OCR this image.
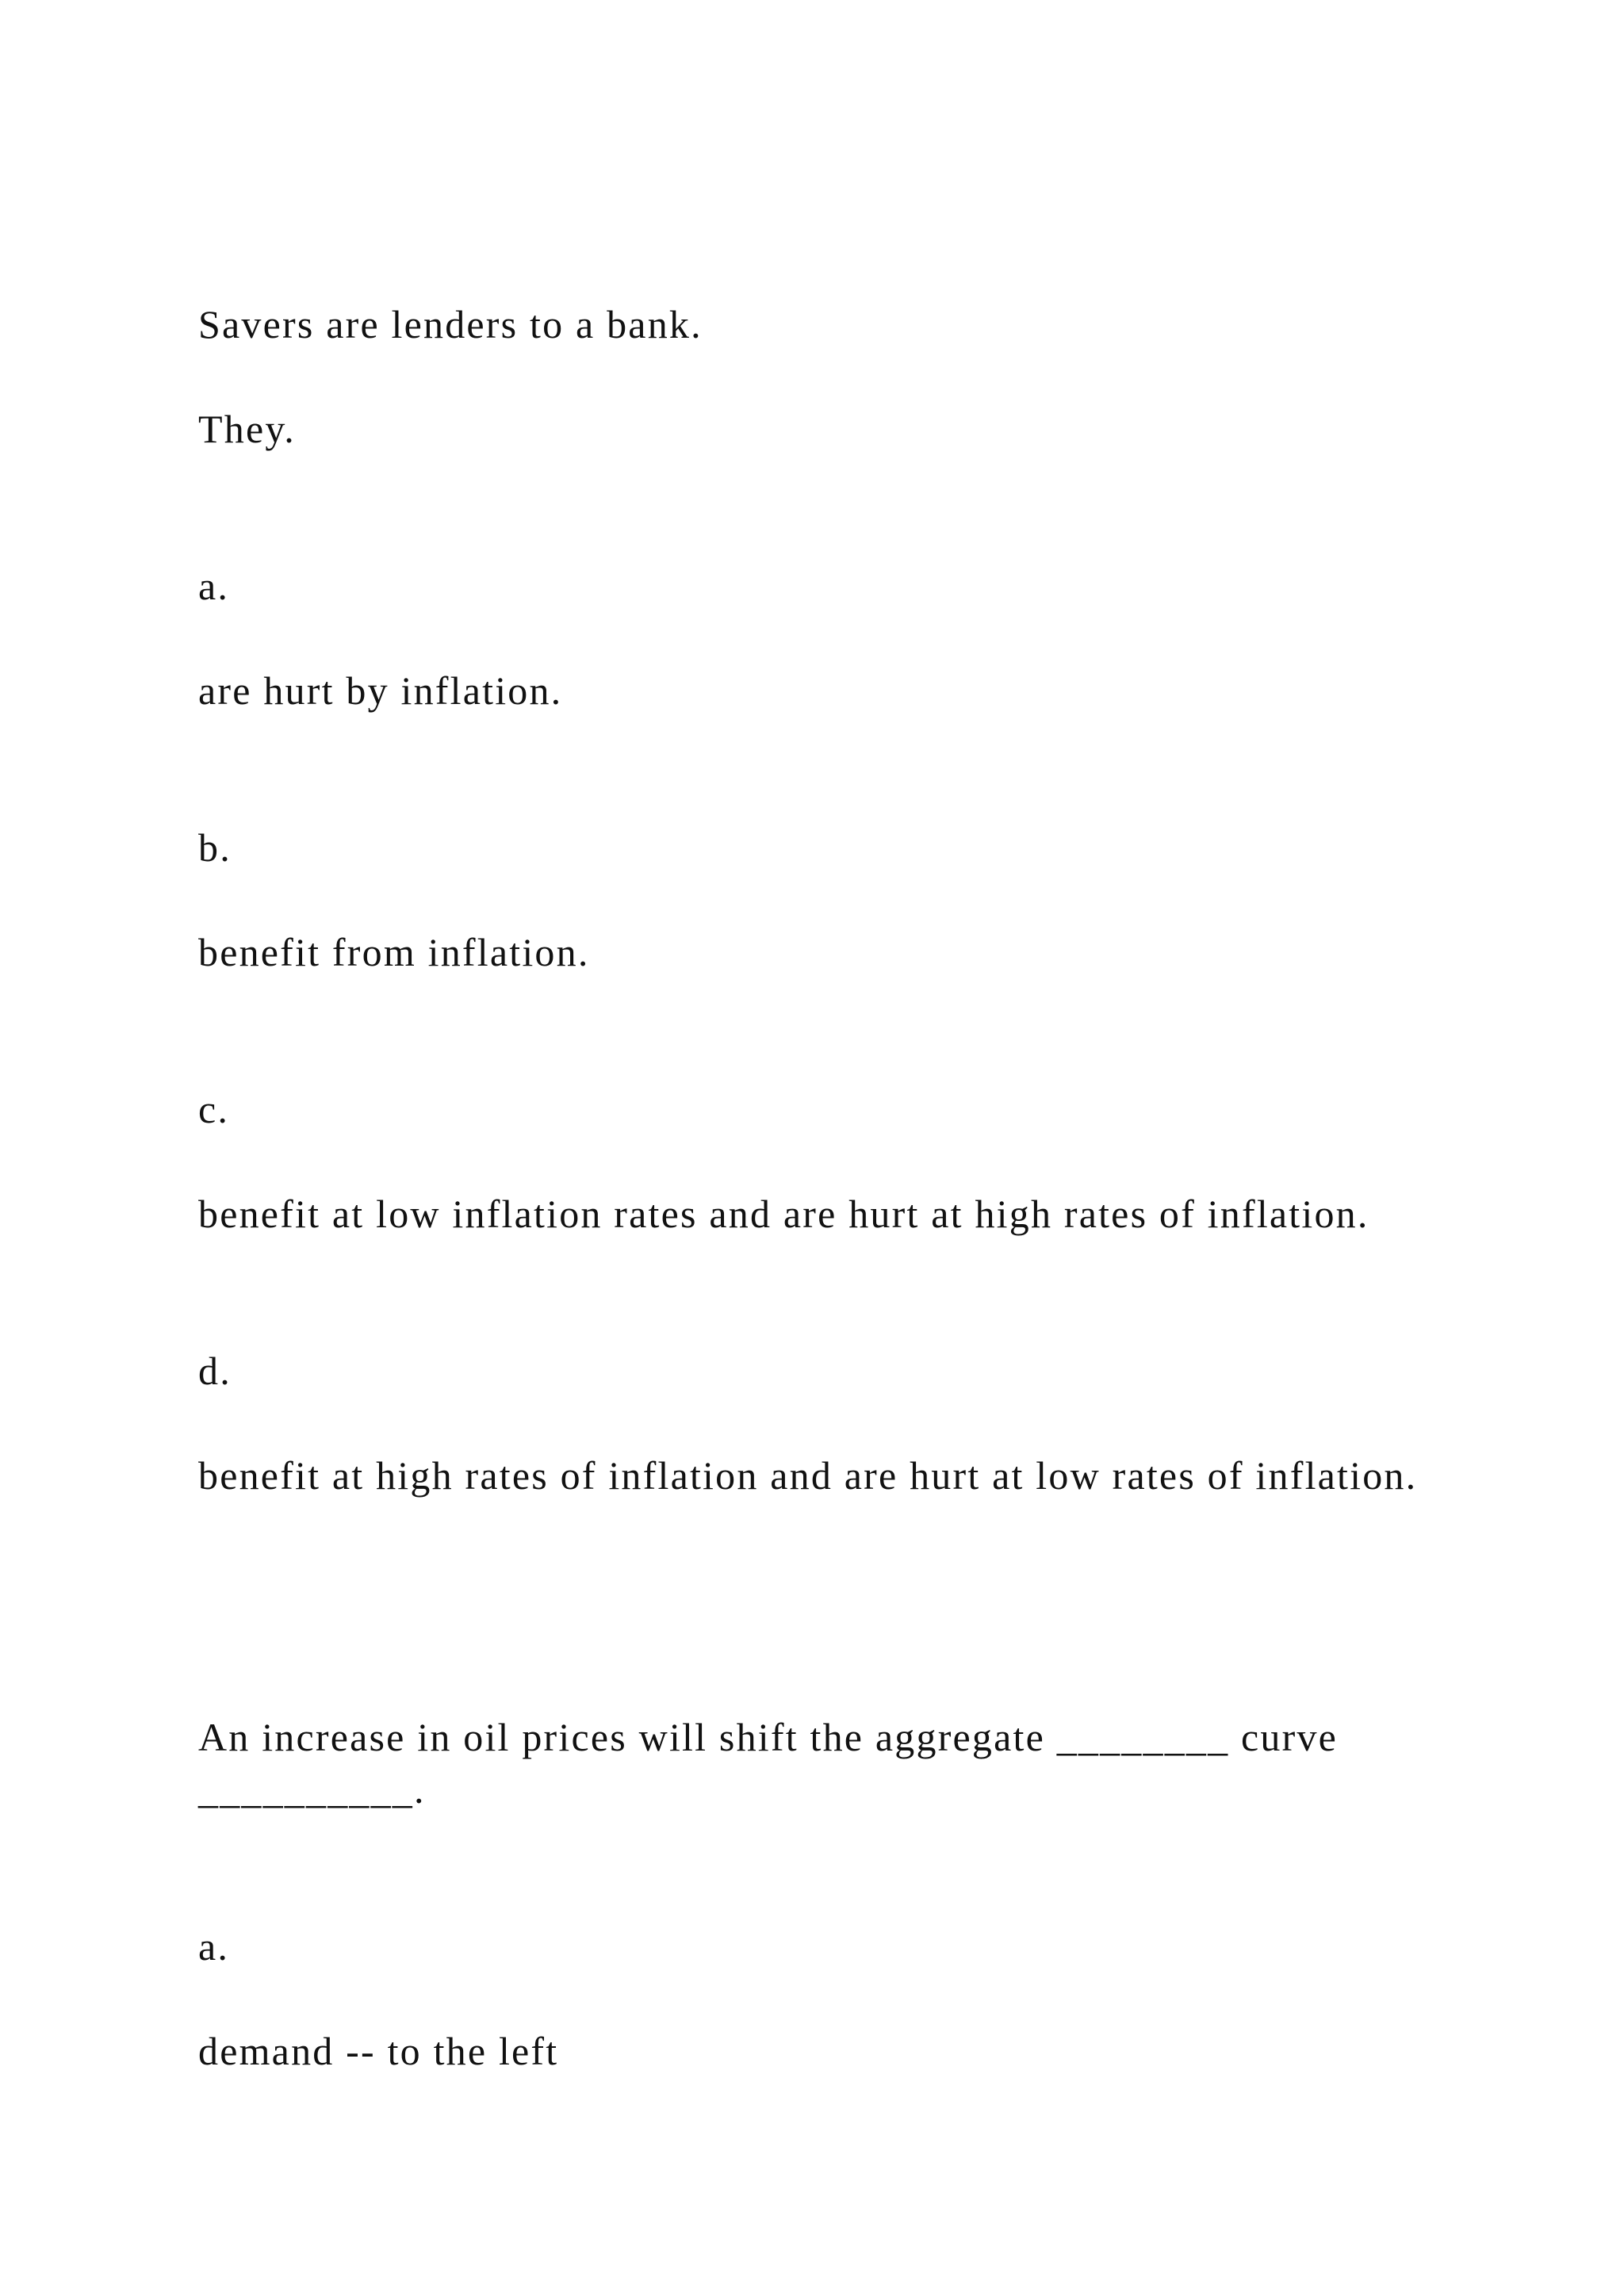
Savers are lenders to a bank.

They.

a.

are hurt by inflation.

b.

benefit from inflation.

c.

benefit at low inflation rates and are hurt at high rates of inflation.

d.

benefit at high rates of inflation and are hurt at low rates of inflation.

An increase in oil prices will shift the aggregate ________ curve __________.

a.

demand -- to the left
